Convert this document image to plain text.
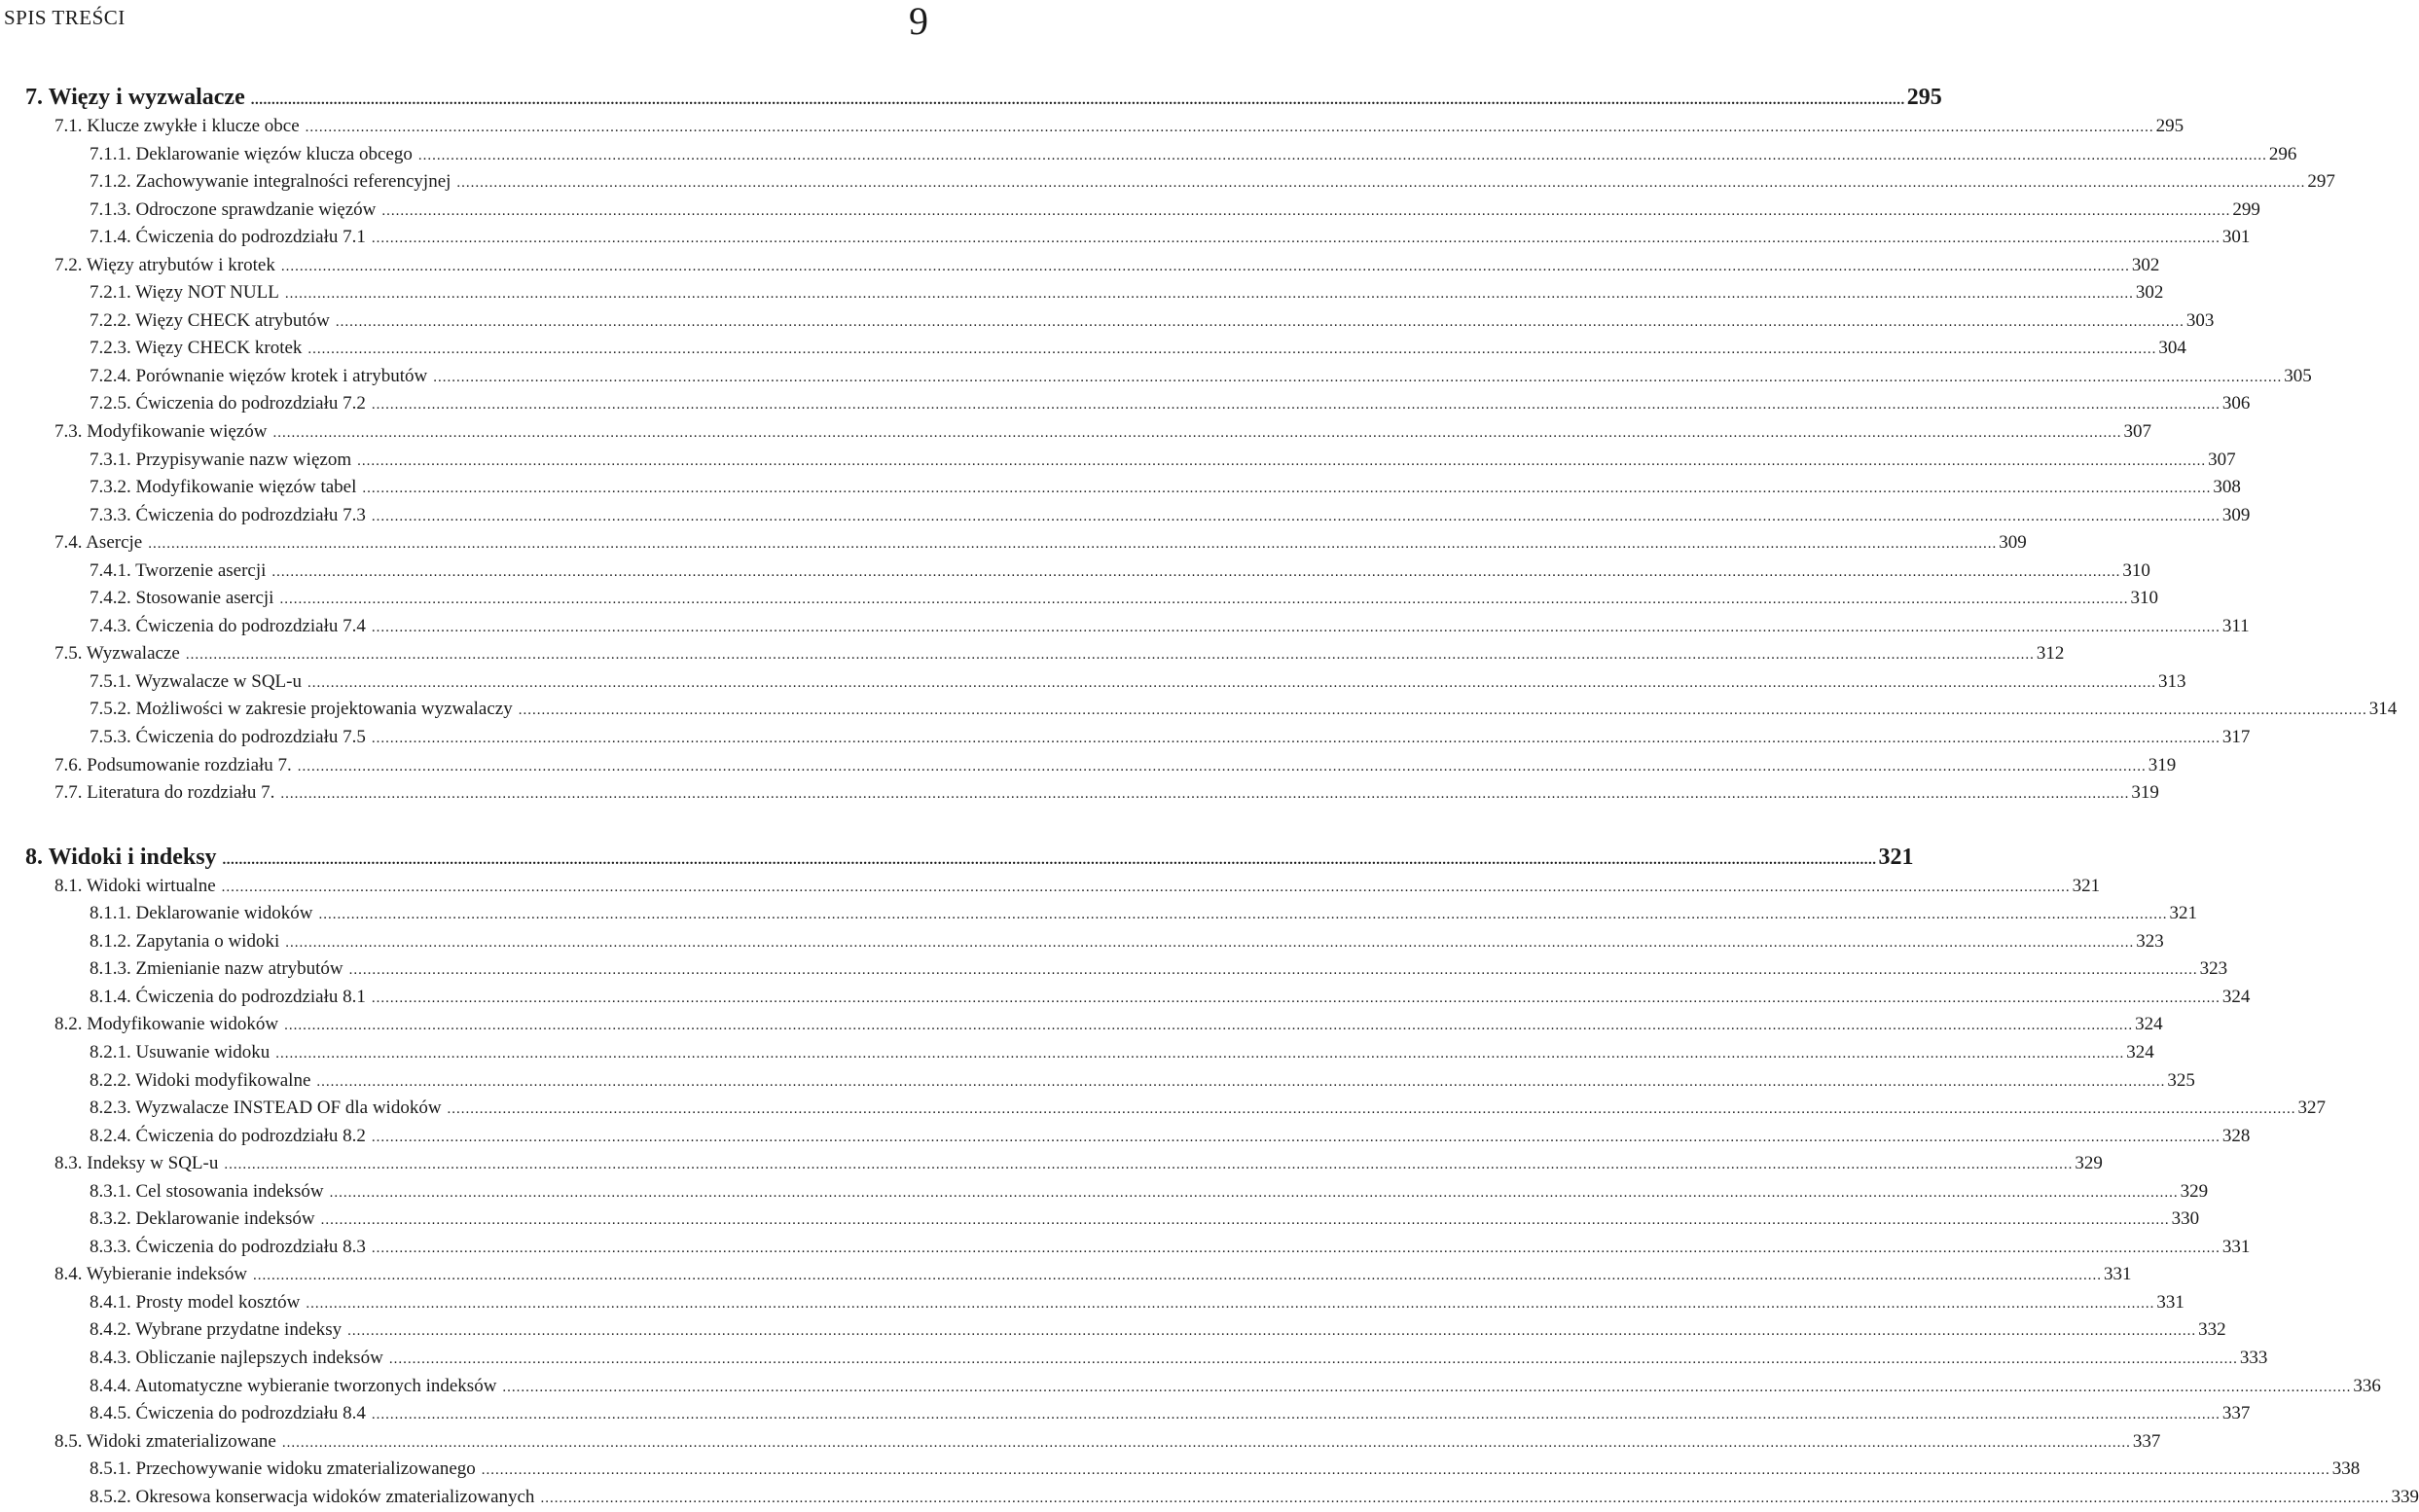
SPIS TREŚCI	9
7. Więzy i wyzwalacze ................................................................................................................................................................................................................................................................................................................................................................................................................ 295
7.1. Klucze zwykłe i klucze obce ................................................................................................................................................................................................................................................................................................................................................................................................................ 295
7.1.1. Deklarowanie więzów klucza obcego ................................................................................................................................................................................................................................................................................................................................................................................................................ 296
7.1.2. Zachowywanie integralności referencyjnej ................................................................................................................................................................................................................................................................................................................................................................................................................ 297
7.1.3. Odroczone sprawdzanie więzów ................................................................................................................................................................................................................................................................................................................................................................................................................ 299
7.1.4. Ćwiczenia do podrozdziału 7.1 ................................................................................................................................................................................................................................................................................................................................................................................................................ 301
7.2. Więzy atrybutów i krotek ................................................................................................................................................................................................................................................................................................................................................................................................................ 302
7.2.1. Więzy NOT NULL ................................................................................................................................................................................................................................................................................................................................................................................................................ 302
7.2.2. Więzy CHECK atrybutów ................................................................................................................................................................................................................................................................................................................................................................................................................ 303
7.2.3. Więzy CHECK krotek ................................................................................................................................................................................................................................................................................................................................................................................................................ 304
7.2.4. Porównanie więzów krotek i atrybutów ................................................................................................................................................................................................................................................................................................................................................................................................................ 305
7.2.5. Ćwiczenia do podrozdziału 7.2 ................................................................................................................................................................................................................................................................................................................................................................................................................ 306
7.3. Modyfikowanie więzów ................................................................................................................................................................................................................................................................................................................................................................................................................ 307
7.3.1. Przypisywanie nazw więzom ................................................................................................................................................................................................................................................................................................................................................................................................................ 307
7.3.2. Modyfikowanie więzów tabel ................................................................................................................................................................................................................................................................................................................................................................................................................ 308
7.3.3. Ćwiczenia do podrozdziału 7.3 ................................................................................................................................................................................................................................................................................................................................................................................................................ 309
7.4. Asercje ................................................................................................................................................................................................................................................................................................................................................................................................................ 309
7.4.1. Tworzenie asercji ................................................................................................................................................................................................................................................................................................................................................................................................................ 310
7.4.2. Stosowanie asercji ................................................................................................................................................................................................................................................................................................................................................................................................................ 310
7.4.3. Ćwiczenia do podrozdziału 7.4 ................................................................................................................................................................................................................................................................................................................................................................................................................ 311
7.5. Wyzwalacze ................................................................................................................................................................................................................................................................................................................................................................................................................ 312
7.5.1. Wyzwalacze w SQL-u ................................................................................................................................................................................................................................................................................................................................................................................................................ 313
7.5.2. Możliwości w zakresie projektowania wyzwalaczy ................................................................................................................................................................................................................................................................................................................................................................................................................ 314
7.5.3. Ćwiczenia do podrozdziału 7.5 ................................................................................................................................................................................................................................................................................................................................................................................................................ 317
7.6. Podsumowanie rozdziału 7. ................................................................................................................................................................................................................................................................................................................................................................................................................ 319
7.7. Literatura do rozdziału 7. ................................................................................................................................................................................................................................................................................................................................................................................................................ 319
8. Widoki i indeksy ................................................................................................................................................................................................................................................................................................................................................................................................................ 321
8.1. Widoki wirtualne ................................................................................................................................................................................................................................................................................................................................................................................................................ 321
8.1.1. Deklarowanie widoków ................................................................................................................................................................................................................................................................................................................................................................................................................ 321
8.1.2. Zapytania o widoki ................................................................................................................................................................................................................................................................................................................................................................................................................ 323
8.1.3. Zmienianie nazw atrybutów ................................................................................................................................................................................................................................................................................................................................................................................................................ 323
8.1.4. Ćwiczenia do podrozdziału 8.1 ................................................................................................................................................................................................................................................................................................................................................................................................................ 324
8.2. Modyfikowanie widoków ................................................................................................................................................................................................................................................................................................................................................................................................................ 324
8.2.1. Usuwanie widoku ................................................................................................................................................................................................................................................................................................................................................................................................................ 324
8.2.2. Widoki modyfikowalne ................................................................................................................................................................................................................................................................................................................................................................................................................ 325
8.2.3. Wyzwalacze INSTEAD OF dla widoków ................................................................................................................................................................................................................................................................................................................................................................................................................ 327
8.2.4. Ćwiczenia do podrozdziału 8.2 ................................................................................................................................................................................................................................................................................................................................................................................................................ 328
8.3. Indeksy w SQL-u ................................................................................................................................................................................................................................................................................................................................................................................................................ 329
8.3.1. Cel stosowania indeksów ................................................................................................................................................................................................................................................................................................................................................................................................................ 329
8.3.2. Deklarowanie indeksów ................................................................................................................................................................................................................................................................................................................................................................................................................ 330
8.3.3. Ćwiczenia do podrozdziału 8.3 ................................................................................................................................................................................................................................................................................................................................................................................................................ 331
8.4. Wybieranie indeksów ................................................................................................................................................................................................................................................................................................................................................................................................................ 331
8.4.1. Prosty model kosztów ................................................................................................................................................................................................................................................................................................................................................................................................................ 331
8.4.2. Wybrane przydatne indeksy ................................................................................................................................................................................................................................................................................................................................................................................................................ 332
8.4.3. Obliczanie najlepszych indeksów ................................................................................................................................................................................................................................................................................................................................................................................................................ 333
8.4.4. Automatyczne wybieranie tworzonych indeksów ................................................................................................................................................................................................................................................................................................................................................................................................................ 336
8.4.5. Ćwiczenia do podrozdziału 8.4 ................................................................................................................................................................................................................................................................................................................................................................................................................ 337
8.5. Widoki zmaterializowane ................................................................................................................................................................................................................................................................................................................................................................................................................ 337
8.5.1. Przechowywanie widoku zmaterializowanego ................................................................................................................................................................................................................................................................................................................................................................................................................ 338
8.5.2. Okresowa konserwacja widoków zmaterializowanych ................................................................................................................................................................................................................................................................................................................................................................................................................ 339
